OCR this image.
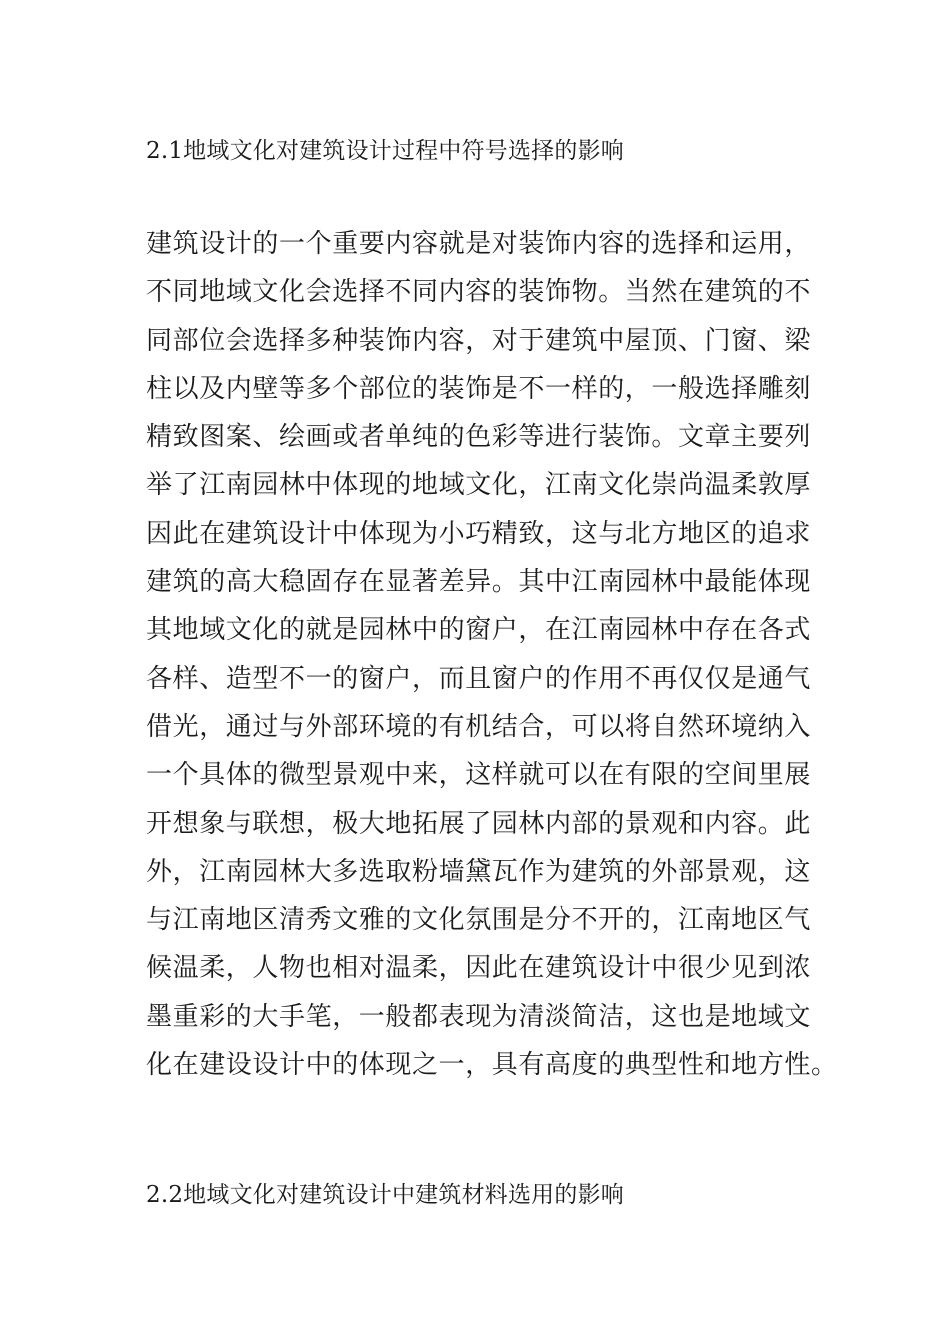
2.1地域文化对建筑设计过程中符号选择的影响

建筑设计的一个重要内容就是对装饰内容的选择和运用，
不同地域文化会选择不同内容的装饰物。当然在建筑的不
同部位会选择多种装饰内容，对于建筑中屋顶、门窗、梁
柱以及内壁等多个部位的装饰是不一样的，一般选择雕刻
精致图案、绘画或者单纯的色彩等进行装饰。文章主要列
举了江南园林中体现的地域文化，江南文化崇尚温柔敦厚
因此在建筑设计中体现为小巧精致，这与北方地区的追求
建筑的高大稳固存在显著差异。其中江南园林中最能体现
其地域文化的就是园林中的窗户，在江南园林中存在各式
各样、造型不一的窗户，而且窗户的作用不再仅仅是通气
借光，通过与外部环境的有机结合，可以将自然环境纳入
一个具体的微型景观中来，这样就可以在有限的空间里展
开想象与联想，极大地拓展了园林内部的景观和内容。此
外，江南园林大多选取粉墙黛瓦作为建筑的外部景观，这
与江南地区清秀文雅的文化氛围是分不开的，江南地区气
候温柔，人物也相对温柔，因此在建筑设计中很少见到浓
墨重彩的大手笔，一般都表现为清淡简洁，这也是地域文
化在建设设计中的体现之一，具有高度的典型性和地方性。

2.2地域文化对建筑设计中建筑材料选用的影响
